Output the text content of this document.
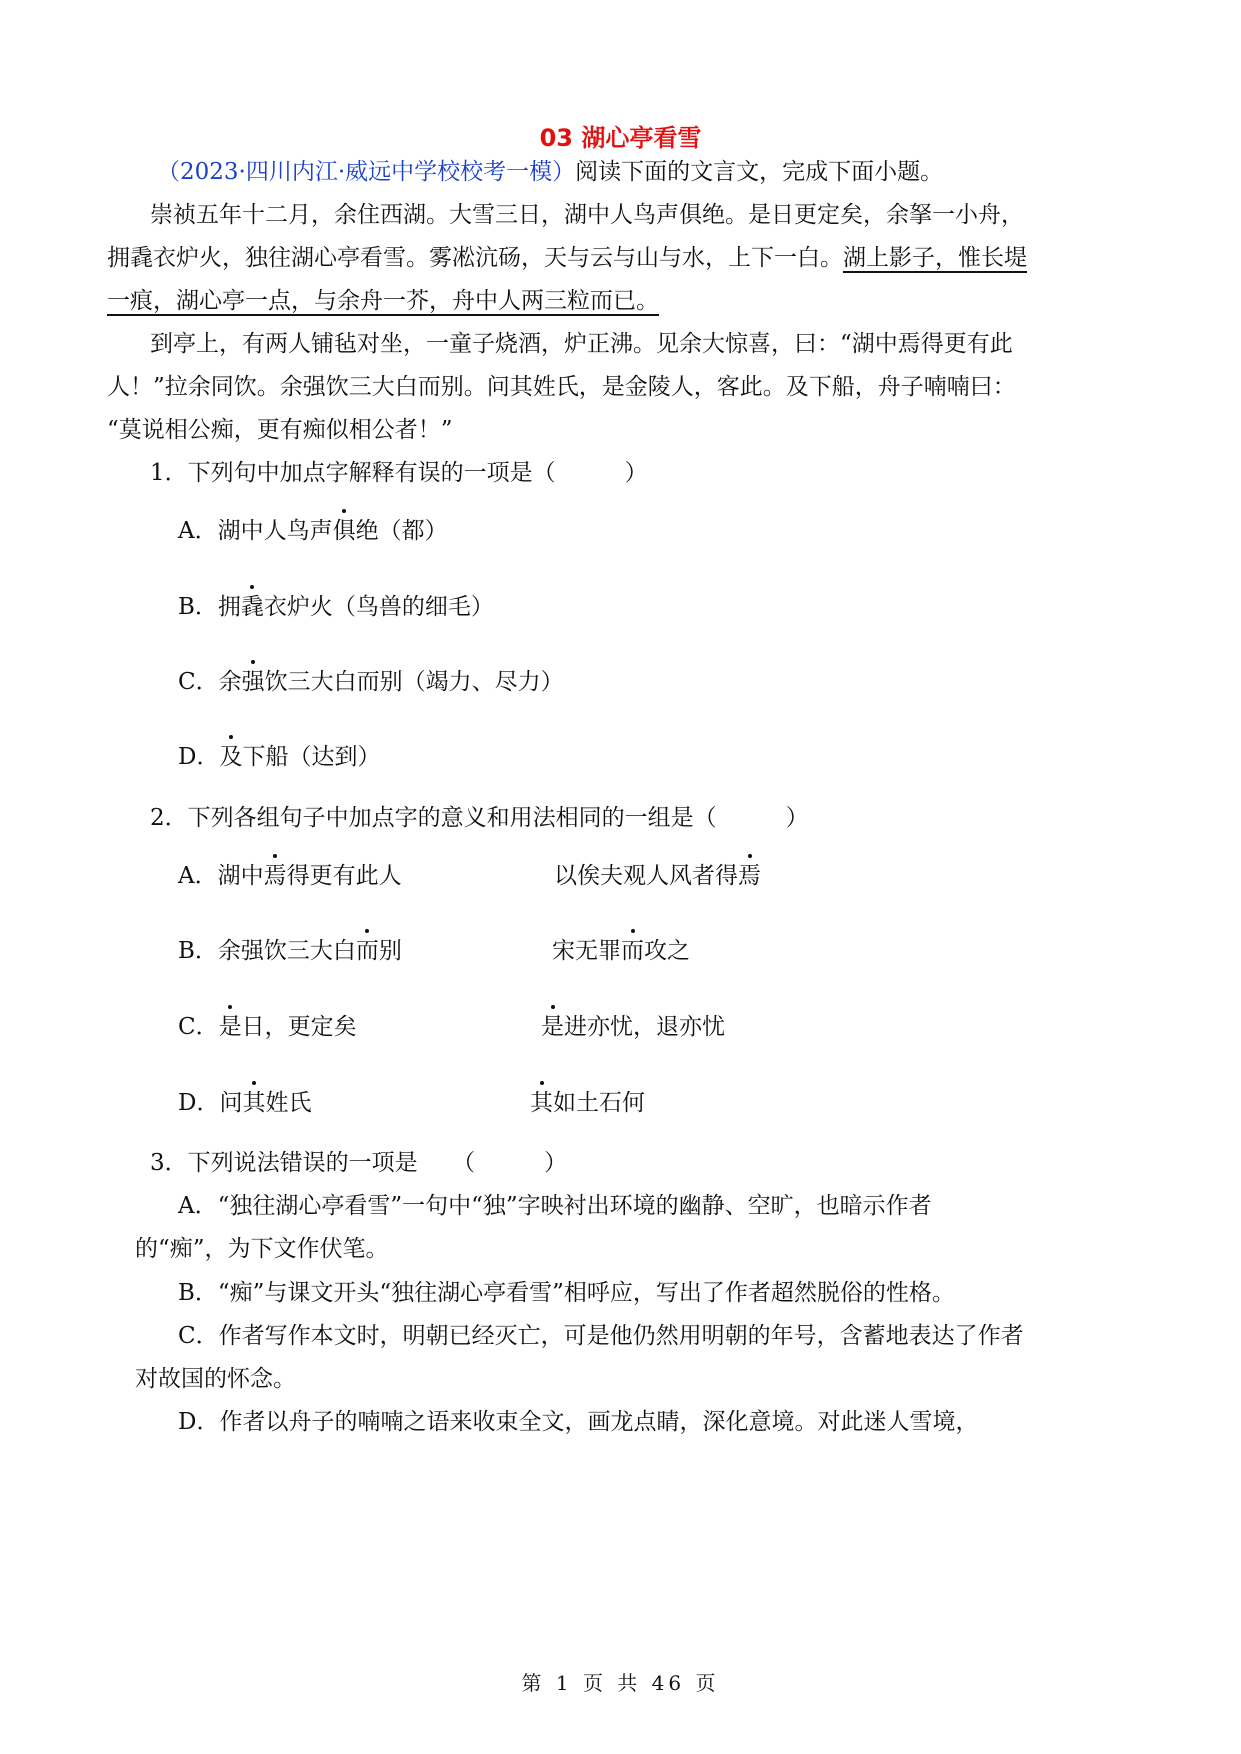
03 湖心亭看雪
（2023·四川内江·威远中学校校考一模）阅读下面的文言文，完成下面小题。
崇祯五年十二月，余住西湖。大雪三日，湖中人鸟声俱绝。是日更定矣，余拏一小舟，
拥毳衣炉火，独往湖心亭看雪。雾凇沆砀，天与云与山与水，上下一白。湖上影子，惟长堤
一痕，湖心亭一点，与余舟一芥，舟中人两三粒而已。
到亭上，有两人铺毡对坐，一童子烧酒，炉正沸。见余大惊喜，曰：“湖中焉得更有此
人！”拉余同饮。余强饮三大白而别。问其姓氏，是金陵人，客此。及下船，舟子喃喃曰：
“莫说相公痴，更有痴似相公者！”
1．下列句中加点字解释有误的一项是（　　　）
A．湖中人鸟声俱绝（都）
B．拥毳衣炉火（鸟兽的细毛）
C．余强饮三大白而别（竭力、尽力）
D．及下船（达到）
2．下列各组句子中加点字的意义和用法相同的一组是（　　　）
A．湖中焉得更有此人	以俟夫观人风者得焉
B．余强饮三大白而别	宋无罪而攻之
C．是日，更定矣	是进亦忧，退亦忧
D．问其姓氏	其如土石何
3．下列说法错误的一项是　　（　　　）
A．“独往湖心亭看雪”一句中“独”字映衬出环境的幽静、空旷，也暗示作者
的“痴”，为下文作伏笔。
B．“痴”与课文开头“独往湖心亭看雪”相呼应，写出了作者超然脱俗的性格。
C．作者写作本文时，明朝已经灭亡，可是他仍然用明朝的年号，含蓄地表达了作者
对故国的怀念。
D．作者以舟子的喃喃之语来收束全文，画龙点睛，深化意境。对此迷人雪境，
第 1 页 共 46 页
